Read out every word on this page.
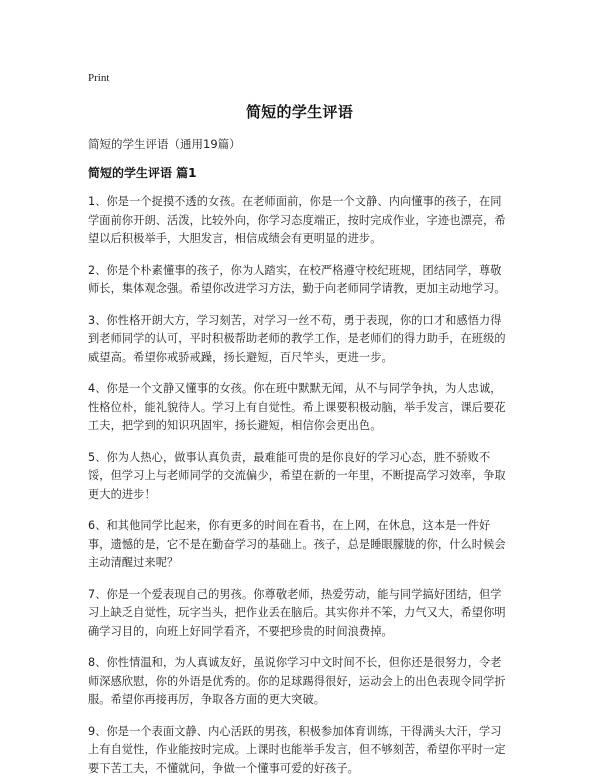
Print
简短的学生评语

简短的学生评语（通用19篇）

简短的学生评语 篇1

1、你是一个捉摸不透的女孩。在老师面前，你是一个文静、内向懂事的孩子，在同学面前你开朗、活泼，比较外向，你学习态度端正，按时完成作业，字迹也漂亮，希望以后积极举手，大胆发言，相信成绩会有更明显的进步。

2、你是个朴素懂事的孩子，你为人踏实，在校严格遵守校纪班规，团结同学，尊敬师长，集体观念强。希望你改进学习方法，勤于向老师同学请教，更加主动地学习。

3、你性格开朗大方，学习刻苦，对学习一丝不苟，勇于表现，你的口才和感悟力得到老师同学的认可，平时积极帮助老师的教学工作，是老师们的得力助手，在班级的威望高。希望你戒骄戒躁，扬长避短，百尺竿头，更进一步。

4、你是一个文静又懂事的女孩。你在班中默默无闻，从不与同学争执，为人忠诚，性格位朴，能礼貌待人。学习上有自觉性。希上课要积极动脑，举手发言，课后要花工夫，把学到的知识巩固牢，扬长避短，相信你会更出色。

5、你为人热心，做事认真负责，最难能可贵的是你良好的学习心态，胜不骄败不馁，但学习上与老师同学的交流偏少，希望在新的一年里，不断提高学习效率，争取更大的进步！

6、和其他同学比起来，你有更多的时间在看书，在上网，在休息，这本是一件好事，遗憾的是，它不是在勤奋学习的基础上。孩子，总是睡眼朦胧的你，什么时候会主动清醒过来呢？

7、你是一个爱表现自己的男孩。你尊敬老师，热爱劳动，能与同学搞好团结，但学习上缺乏自觉性，玩字当头，把作业丢在脑后。其实你并不笨，力气又大，希望你明确学习目的，向班上好同学看齐，不要把珍贵的时间浪费掉。

8、你性情温和，为人真诚友好，虽说你学习中文时间不长，但你还是很努力，令老师深感欣慰，你的外语是优秀的。你的足球踢得很好，运动会上的出色表现令同学折服。希望你再接再厉，争取各方面的更大突破。

9、你是一个表面文静、内心活跃的男孩，积极参加体育训练，干得满头大汗，学习上有自觉性，作业能按时完成。上课时也能举手发言，但不够刻苦，希望你平时一定要下苦工夫，不懂就问，争做一个懂事可爱的好孩子。
